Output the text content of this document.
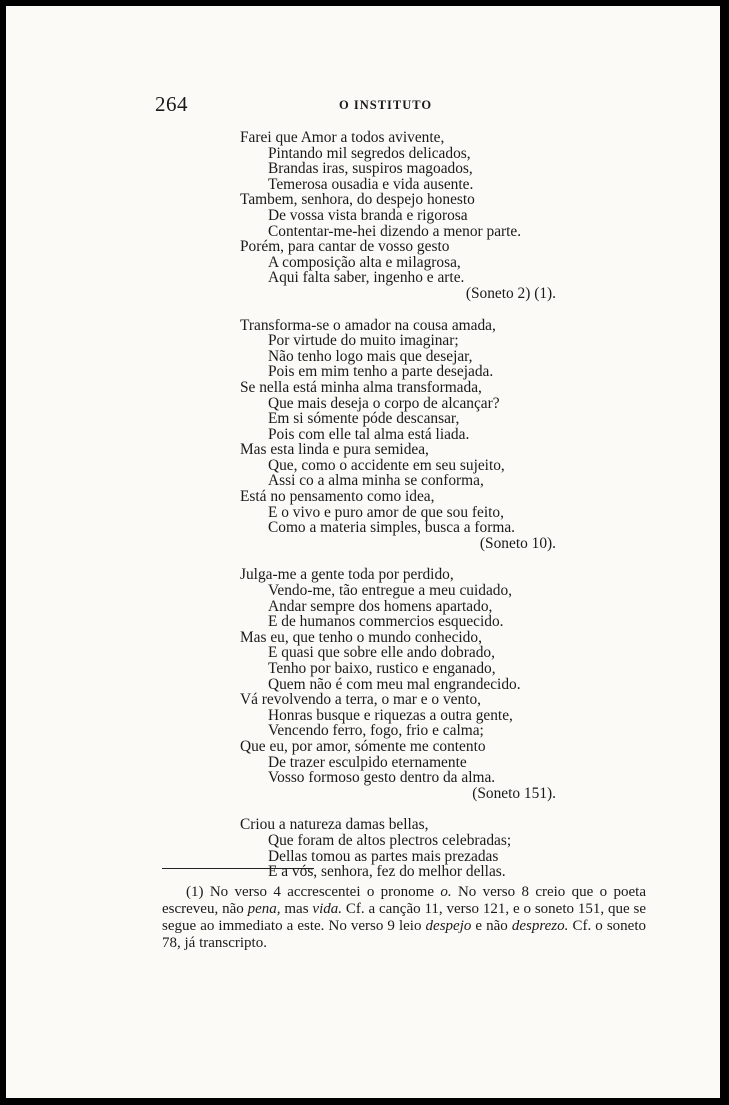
264	O INSTITUTO
Farei que Amor a todos avivente,
Pintando mil segredos delicados,
Brandas iras, suspiros magoados,
Temerosa ousadia e vida ausente.
Tambem, senhora, do despejo honesto
De vossa vista branda e rigorosa
Contentar-me-hei dizendo a menor parte.
Porém, para cantar de vosso gesto
A composição alta e milagrosa,
Aqui falta saber, ingenho e arte.
(Soneto 2) (1).
Transforma-se o amador na cousa amada,
Por virtude do muito imaginar;
Não tenho logo mais que desejar,
Pois em mim tenho a parte desejada.
Se nella está minha alma transformada,
Que mais deseja o corpo de alcançar?
Em si sómente póde descansar,
Pois com elle tal alma está liada.
Mas esta linda e pura semidea,
Que, como o accidente em seu sujeito,
Assi co a alma minha se conforma,
Está no pensamento como idea,
E o vivo e puro amor de que sou feito,
Como a materia simples, busca a forma.
(Soneto 10).
Julga-me a gente toda por perdido,
Vendo-me, tão entregue a meu cuidado,
Andar sempre dos homens apartado,
E de humanos commercios esquecido.
Mas eu, que tenho o mundo conhecido,
E quasi que sobre elle ando dobrado,
Tenho por baixo, rustico e enganado,
Quem não é com meu mal engrandecido.
Vá revolvendo a terra, o mar e o vento,
Honras busque e riquezas a outra gente,
Vencendo ferro, fogo, frio e calma;
Que eu, por amor, sómente me contento
De trazer esculpido eternamente
Vosso formoso gesto dentro da alma.
(Soneto 151).
Criou a natureza damas bellas,
Que foram de altos plectros celebradas;
Dellas tomou as partes mais prezadas
E a vós, senhora, fez do melhor dellas.

(1) No verso 4 accrescentei o pronome o. No verso 8 creio que o poeta escreveu, não pena, mas vida. Cf. a canção 11, verso 121, e o soneto 151, que se segue ao immediato a este. No verso 9 leio despejo e não desprezo. Cf. o soneto 78, já transcripto.
